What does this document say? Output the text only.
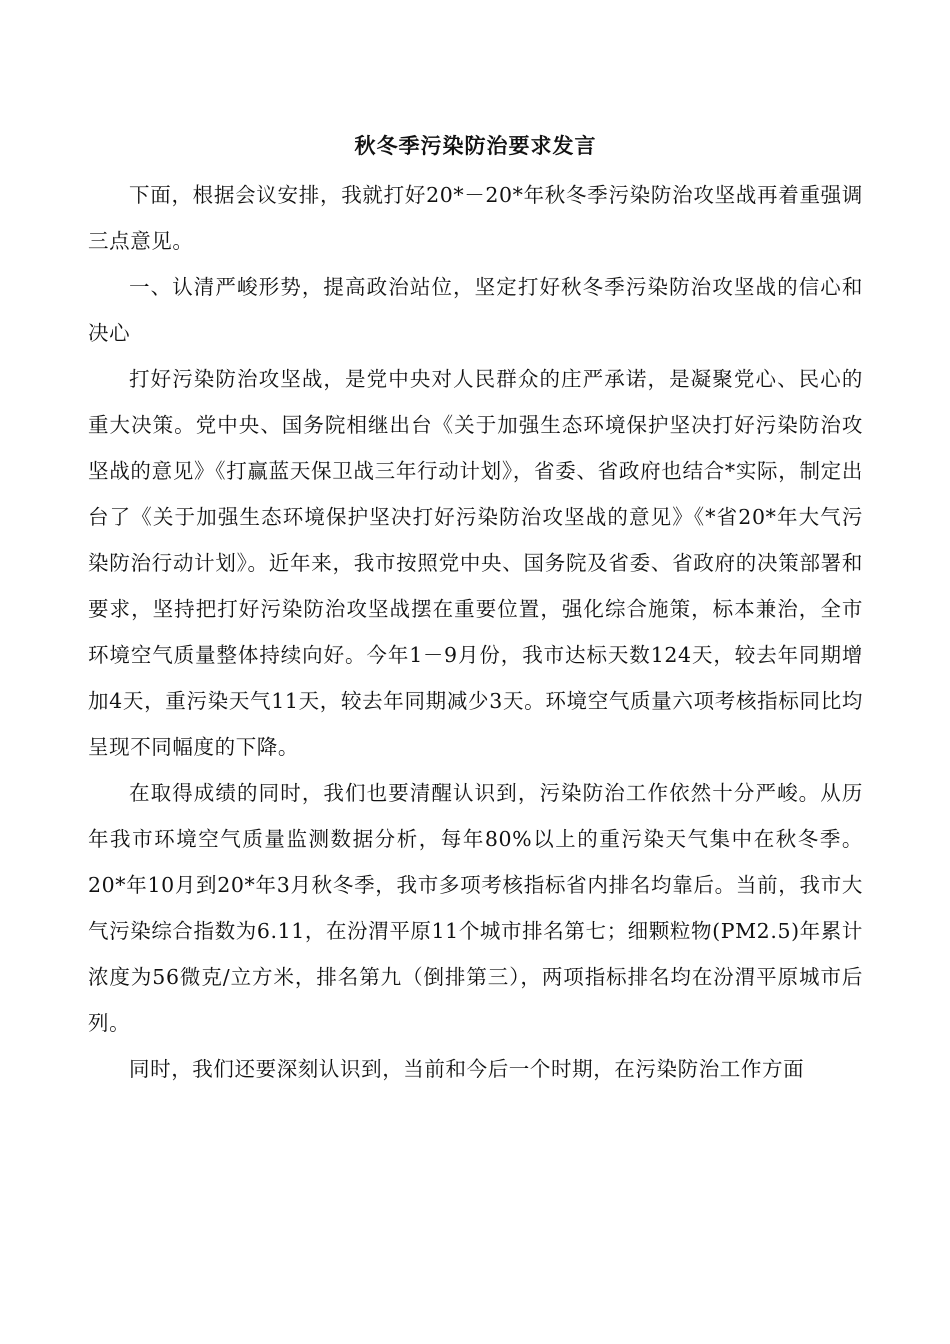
秋冬季污染防治要求发言

下面，根据会议安排，我就打好20*－20*年秋冬季污染防治攻坚战再着重强调三点意见。

一、认清严峻形势，提高政治站位，坚定打好秋冬季污染防治攻坚战的信心和决心

打好污染防治攻坚战，是党中央对人民群众的庄严承诺，是凝聚党心、民心的重大决策。党中央、国务院相继出台《关于加强生态环境保护坚决打好污染防治攻坚战的意见》《打赢蓝天保卫战三年行动计划》，省委、省政府也结合*实际，制定出台了《关于加强生态环境保护坚决打好污染防治攻坚战的意见》《*省20*年大气污染防治行动计划》。近年来，我市按照党中央、国务院及省委、省政府的决策部署和要求，坚持把打好污染防治攻坚战摆在重要位置，强化综合施策，标本兼治，全市环境空气质量整体持续向好。今年1－9月份，我市达标天数124天，较去年同期增加4天，重污染天气11天，较去年同期减少3天。环境空气质量六项考核指标同比均呈现不同幅度的下降。

在取得成绩的同时，我们也要清醒认识到，污染防治工作依然十分严峻。从历年我市环境空气质量监测数据分析，每年80%以上的重污染天气集中在秋冬季。20*年10月到20*年3月秋冬季，我市多项考核指标省内排名均靠后。当前，我市大气污染综合指数为6.11，在汾渭平原11个城市排名第七；细颗粒物(PM2.5)年累计浓度为56微克/立方米，排名第九（倒排第三），两项指标排名均在汾渭平原城市后列。

同时，我们还要深刻认识到，当前和今后一个时期，在污染防治工作方面
